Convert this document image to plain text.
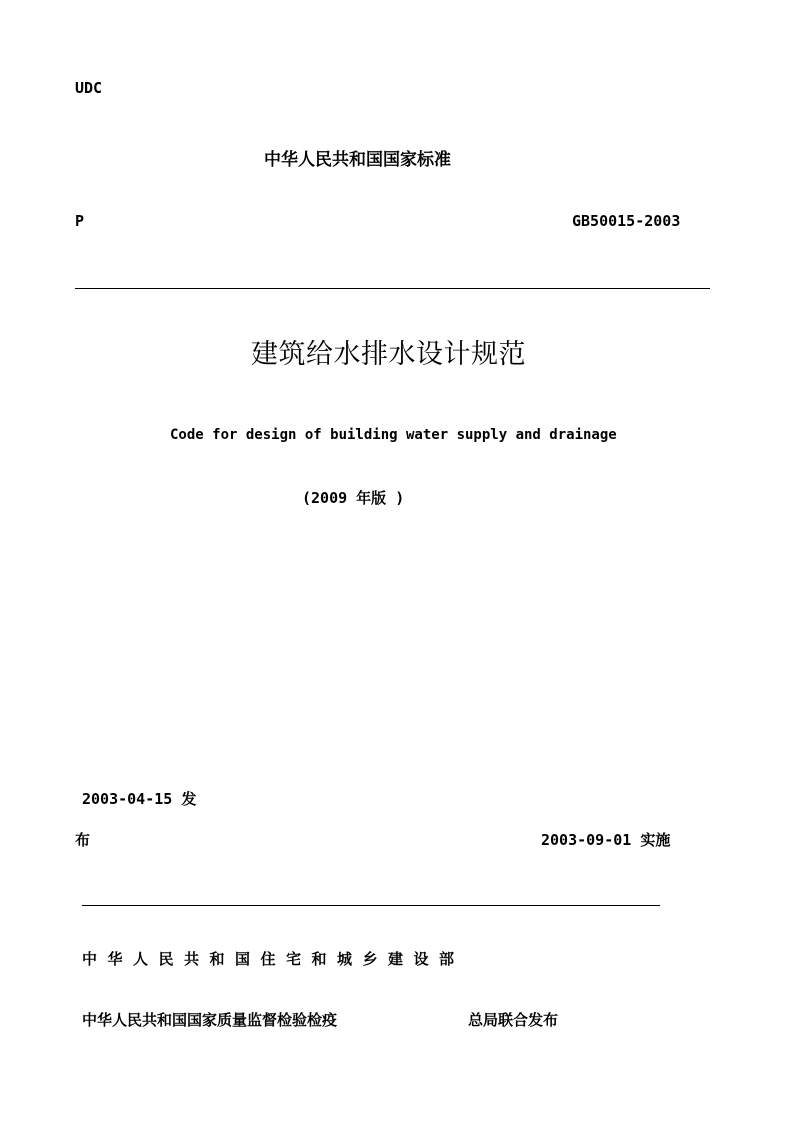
UDC
中华人民共和国国家标准
P	GB50015-2003
建筑给水排水设计规范
Code for design of building water supply and drainage
(2009 年版 )
2003-04-15 发
布	2003-09-01 实施
中华人民共和国住宅和城乡建设部
中华人民共和国国家质量监督检验检疫	总局联合发布
